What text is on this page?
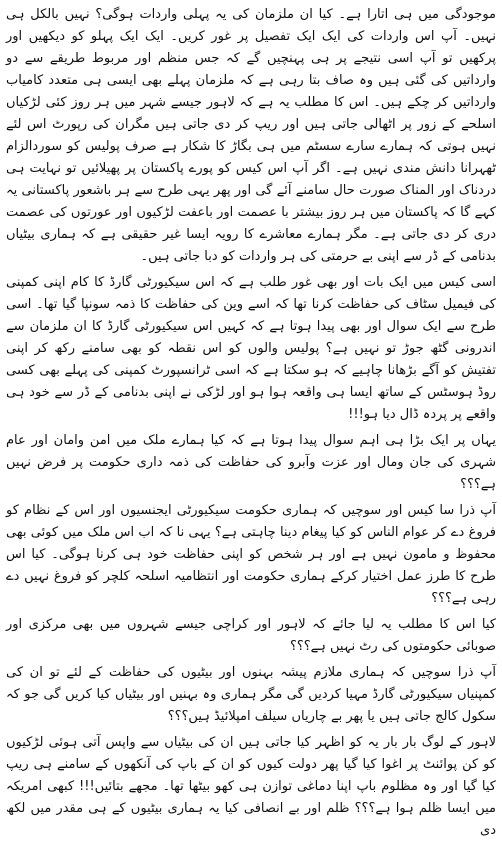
موجودگی میں ہی اتارا ہے۔ کیا ان ملزمان کی یہ پہلی واردات ہوگی؟ نہیں بالکل ہی نہیں۔ آپ اس واردات کی ایک ایک تفصیل پر غور کریں۔ ایک ایک پہلو کو دیکھیں اور پرکھیں تو آپ اسی نتیجے پر ہی پہنچیں گے کہ جس منظم اور مربوط طریقے سے دو وارداتیں کی گئی ہیں وہ صاف بتا رہی ہے کہ ملزمان پہلے بھی ایسی ہی متعدد کامیاب وارداتیں کر چکے ہیں۔ اس کا مطلب یہ ہے کہ لاہور جیسے شہر میں ہر روز کئی لڑکیاں اسلحے کے زور پر اٹھالی جاتی ہیں اور ریپ کر دی جاتی ہیں مگران کی رپورٹ اس لئے نہیں ہوتی کہ ہمارے سارے سسٹم میں ہی بگاڑ کا شکار ہے صرف پولیس کو سوردالزام ٹھہرانا دانش مندی نہیں ہے۔ اگر آپ اس کیس کو پورے پاکستان پر پھیلائیں تو نہایت ہی دردناک اور المناک صورت حال سامنے آئے گی اور پھر یہی طرح سے ہر باشعور پاکستانی یہ کہے گا کہ پاکستان میں ہر روز بیشتر با عصمت اور باعفت لڑکیوں اور عورتوں کی عصمت دری کر دی جاتی ہے۔ مگر ہمارے معاشرے کا رویہ ایسا غیر حقیقی ہے کہ ہماری بیٹیاں بدنامی کے ڈر سے اپنی بے حرمتی کی ہر واردات کو دبا جاتی ہیں۔

اسی کیس میں ایک بات اور بھی غور طلب ہے کہ اس سیکیورٹی گارڈ کا کام اپنی کمپنی کی فیمیل سٹاف کی حفاظت کرنا تھا کہ اسے وین کی حفاظت کا ذمہ سونپا گیا تھا۔ اسی طرح سے ایک سوال اور بھی پیدا ہوتا ہے کہ کہیں اس سیکیورٹی گارڈ کا ان ملزمان سے اندرونی گٹھ جوڑ تو نہیں ہے؟ پولیس والوں کو اس نقطہ کو بھی سامنے رکھ کر اپنی تفتیش کو آگے بڑھانا چاہیے کہ ہو سکتا ہے کہ اسی ٹرانسپورٹ کمپنی کی پہلے بھی کسی روڈ ہوسٹس کے ساتھ ایسا ہی واقعہ ہوا ہو اور لڑکی نے اپنی بدنامی کے ڈر سے خود ہی واقعے پر پردہ ڈال دیا ہو!!!

یہاں پر ایک بڑا ہی اہم سوال پیدا ہوتا ہے کہ کیا ہمارے ملک میں امن وامان اور عام شہری کی جان ومال اور عزت وآبرو کی حفاظت کی ذمہ داری حکومت پر فرض نہیں ہے؟؟؟

آپ ذرا سا کیس اور سوچیں کہ ہماری حکومت سیکیورٹی ایجنسیوں اور اس کے نظام کو فروغ دے کر عوام الناس کو کیا پیغام دینا چاہتی ہے؟ یہی نا کہ اب اس ملک میں کوئی بھی محفوظ و مامون نہیں ہے اور ہر شخص کو اپنی حفاظت خود ہی کرنا ہوگی۔ کیا اس طرح کا طرز عمل اختیار کرکے ہماری حکومت اور انتظامیہ اسلحہ کلچر کو فروغ نہیں دے رہی ہے؟؟؟

کیا اس کا مطلب یہ لیا جائے کہ لاہور اور کراچی جیسے شہروں میں بھی مرکزی اور صوبائی حکومتوں کی رٹ نہیں ہے؟؟؟

آپ ذرا سوچیں کہ ہماری ملازم پیشہ بہنوں اور بیٹیوں کی حفاظت کے لئے تو ان کی کمپنیاں سیکیورٹی گارڈ مہیا کردیں گی مگر ہماری وہ بہنیں اور بیٹیاں کیا کریں گی جو کہ سکول کالج جاتی ہیں یا پھر بے چاریاں سیلف امپلائیڈ ہیں؟؟؟

لاہور کے لوگ بار بار یہ کو اظہر کیا جاتی ہیں ان کی بیٹیاں سے واپس آتی ہوئی لڑکیوں کو کن پوائنٹ پر اغوا کیا گیا پھر دولت کیوں کو ان کے باپ کی آنکھوں کے سامنے ہی ریپ کیا گیا اور وہ مظلوم باپ اپنا دماغی توازن ہی کھو بیٹھا تھا۔ مجھے بتائیں!!! کبھی امریکہ میں ایسا ظلم ہوا ہے؟؟؟ ظلم اور بے انصافی کیا یہ ہماری بیٹیوں کے ہی مقدر میں لکھ دی
